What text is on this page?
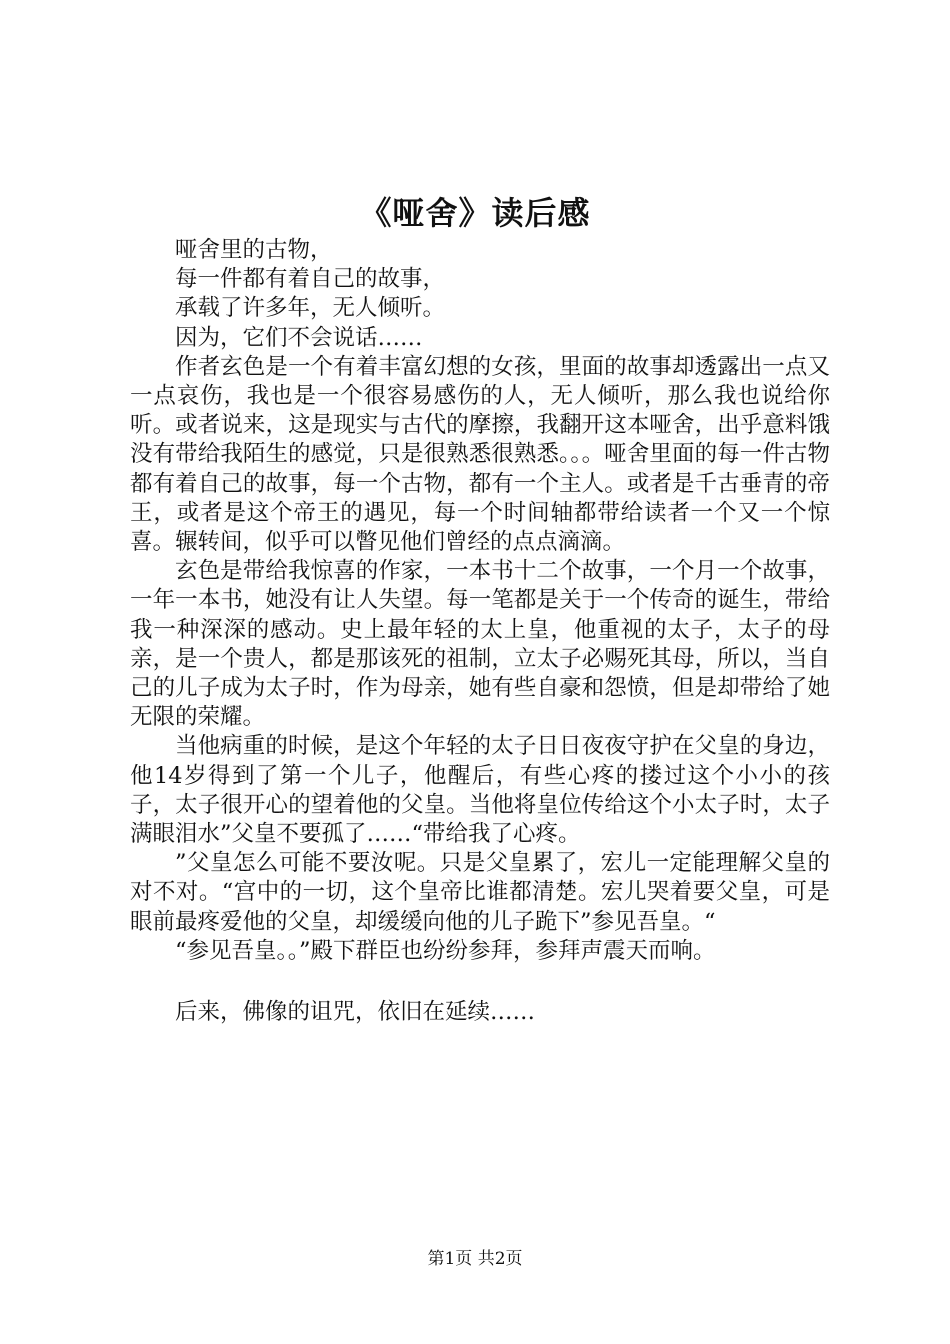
《哑舍》读后感

哑舍里的古物，

每一件都有着自己的故事，

承载了许多年，无人倾听。

因为，它们不会说话……

作者玄色是一个有着丰富幻想的女孩，里面的故事却透露出一点又一点哀伤，我也是一个很容易感伤的人，无人倾听，那么我也说给你听。或者说来，这是现实与古代的摩擦，我翻开这本哑舍，出乎意料饿没有带给我陌生的感觉，只是很熟悉很熟悉。。。哑舍里面的每一件古物都有着自己的故事，每一个古物，都有一个主人。或者是千古垂青的帝王，或者是这个帝王的遇见，每一个时间轴都带给读者一个又一个惊喜。辗转间，似乎可以瞥见他们曾经的点点滴滴。

玄色是带给我惊喜的作家，一本书十二个故事，一个月一个故事，一年一本书，她没有让人失望。每一笔都是关于一个传奇的诞生，带给我一种深深的感动。史上最年轻的太上皇，他重视的太子，太子的母亲，是一个贵人，都是那该死的祖制，立太子必赐死其母，所以，当自己的儿子成为太子时，作为母亲，她有些自豪和怨愤，但是却带给了她无限的荣耀。

当他病重的时候，是这个年轻的太子日日夜夜守护在父皇的身边，他14岁得到了第一个儿子，他醒后，有些心疼的搂过这个小小的孩子，太子很开心的望着他的父皇。当他将皇位传给这个小太子时，太子满眼泪水”父皇不要孤了……“带给我了心疼。

”父皇怎么可能不要汝呢。只是父皇累了，宏儿一定能理解父皇的对不对。“宫中的一切，这个皇帝比谁都清楚。宏儿哭着要父皇，可是眼前最疼爱他的父皇，却缓缓向他的儿子跪下”参见吾皇。“

“参见吾皇。。”殿下群臣也纷纷参拜，参拜声震天而响。

后来，佛像的诅咒，依旧在延续……

第1页 共2页
